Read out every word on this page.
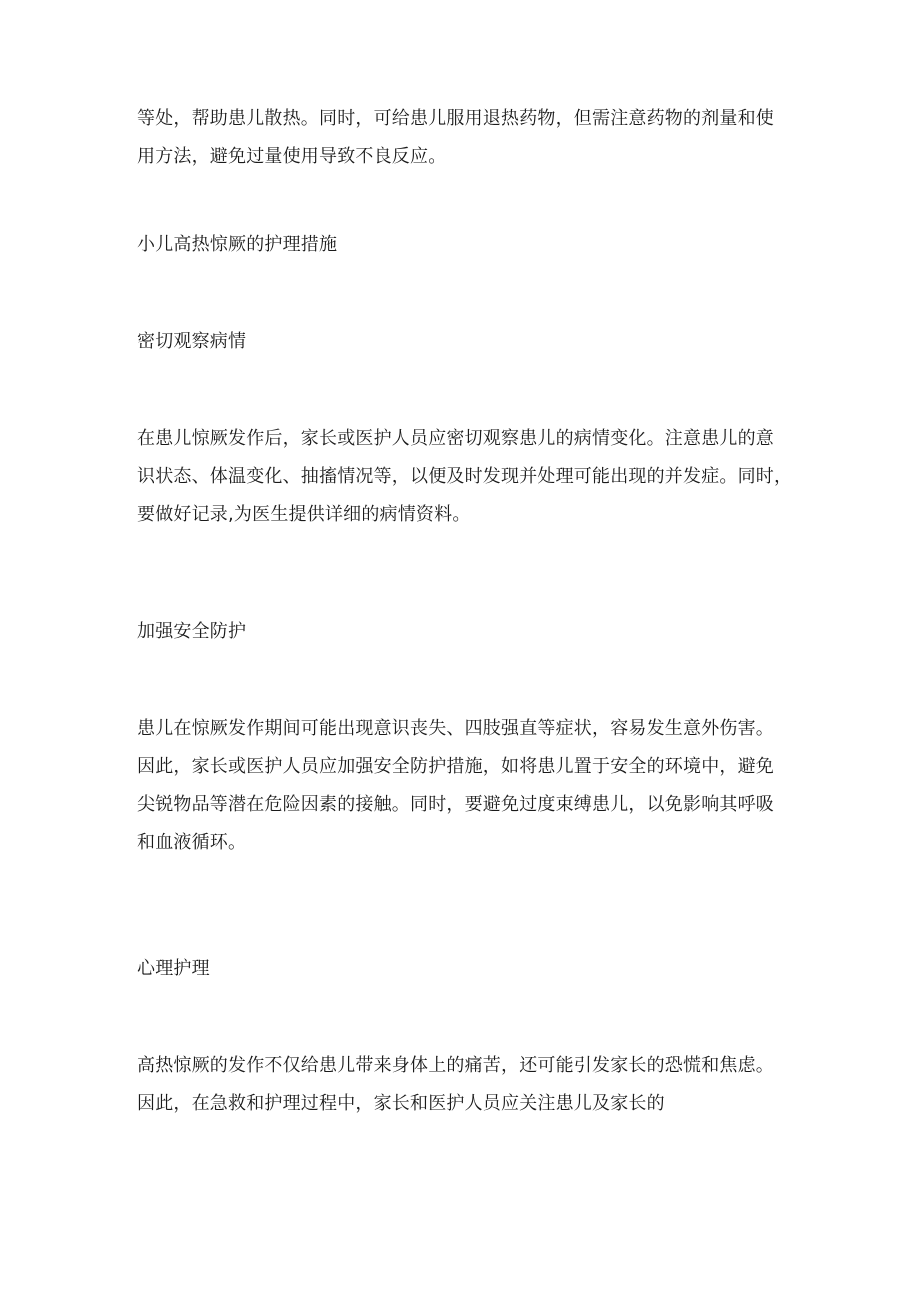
等处，帮助患儿散热。同时，可给患儿服用退热药物，但需注意药物的剂量和使
用方法，避免过量使用导致不良反应。
小儿高热惊厥的护理措施
密切观察病情
在患儿惊厥发作后，家长或医护人员应密切观察患儿的病情变化。注意患儿的意
识状态、体温变化、抽搐情况等，以便及时发现并处理可能出现的并发症。同时，
要做好记录,为医生提供详细的病情资料。
加强安全防护
患儿在惊厥发作期间可能出现意识丧失、四肢强直等症状，容易发生意外伤害。
因此，家长或医护人员应加强安全防护措施，如将患儿置于安全的环境中，避免
尖锐物品等潜在危险因素的接触。同时，要避免过度束缚患儿，以免影响其呼吸
和血液循环。
心理护理
高热惊厥的发作不仅给患儿带来身体上的痛苦，还可能引发家长的恐慌和焦虑。
因此，在急救和护理过程中，家长和医护人员应关注患儿及家长的
